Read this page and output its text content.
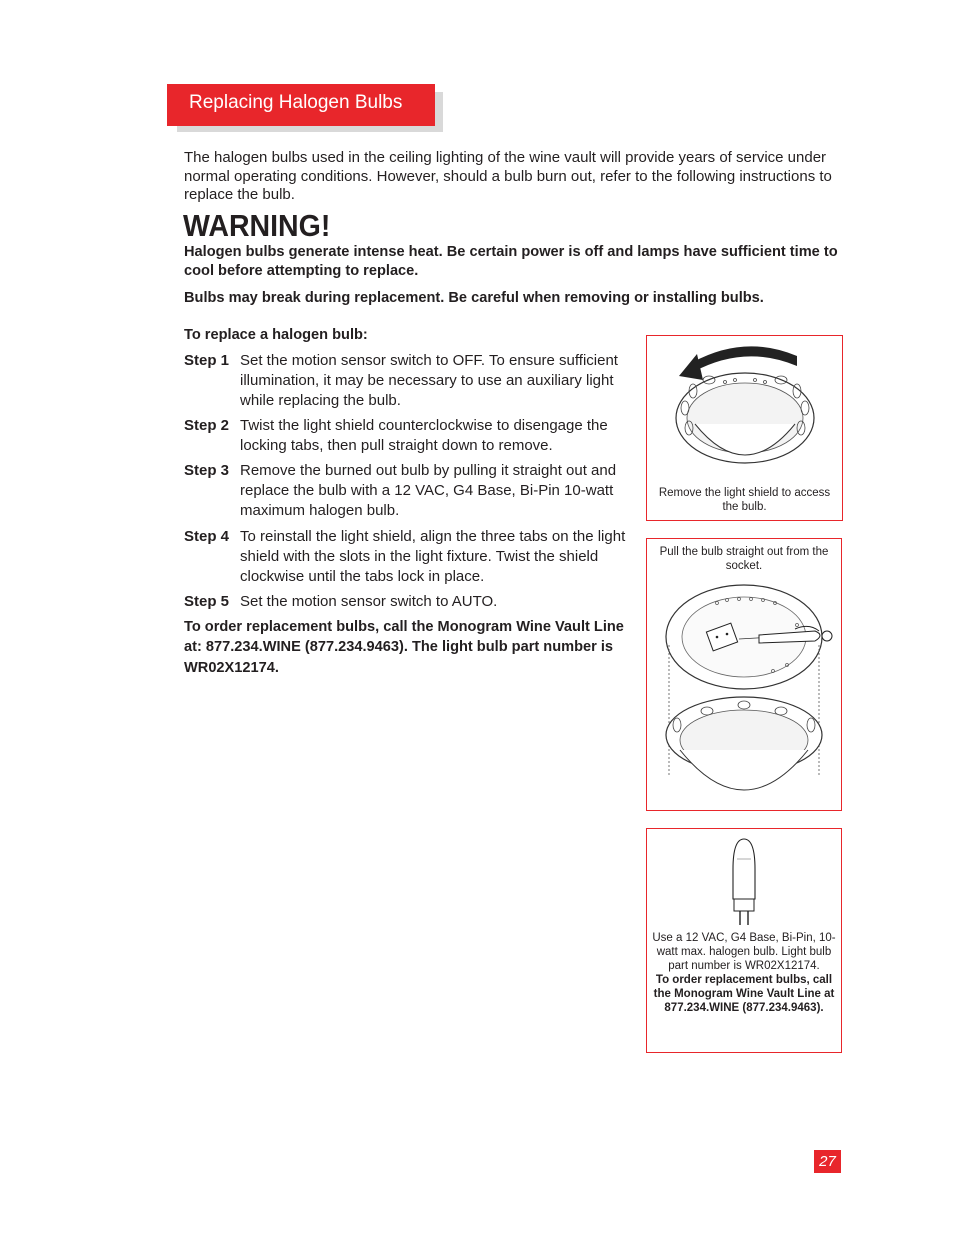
Replacing Halogen Bulbs

The halogen bulbs used in the ceiling lighting of the wine vault will provide years of service under normal operating conditions. However, should a bulb burn out, refer to the following instructions to replace the bulb.

WARNING!
Halogen bulbs generate intense heat. Be certain power is off and lamps have sufficient time to cool before attempting to replace.
Bulbs may break during replacement. Be careful when removing or installing bulbs.
To replace a halogen bulb:
Step 1 Set the motion sensor switch to OFF. To ensure sufficient illumination, it may be necessary to use an auxiliary light while replacing the bulb.
Step 2 Twist the light shield counterclockwise to disengage the locking tabs, then pull straight down to remove.
Step 3 Remove the burned out bulb by pulling it straight out and replace the bulb with a 12 VAC, G4 Base, Bi-Pin 10-watt maximum halogen bulb.
Step 4 To reinstall the light shield, align the three tabs on the light shield with the slots in the light fixture. Twist the shield clockwise until the tabs lock in place.
Step 5 Set the motion sensor switch to AUTO.
To order replacement bulbs, call the Monogram Wine Vault Line at: 877.234.WINE (877.234.9463). The light bulb part number is WR02X12174.
Remove the light shield to access the bulb.
Pull the bulb straight out from the socket.
Use a 12 VAC, G4 Base, Bi-Pin, 10-watt max. halogen bulb. Light bulb part number is WR02X12174.
To order replacement bulbs, call the Monogram Wine Vault Line at 877.234.WINE (877.234.9463).
27
